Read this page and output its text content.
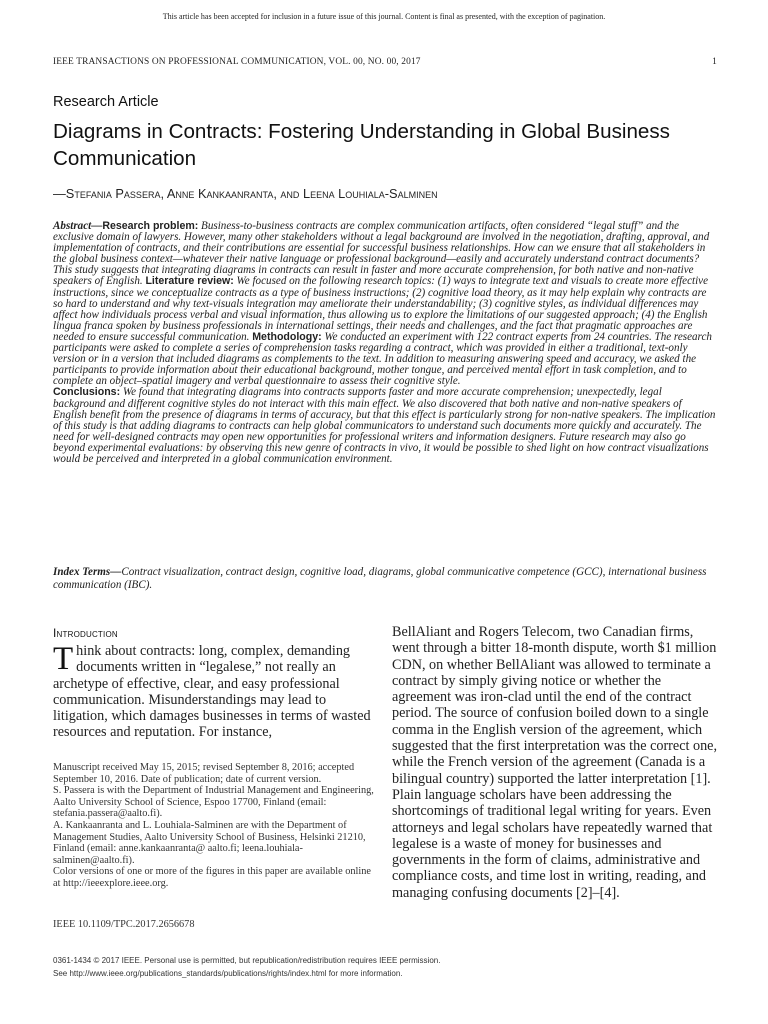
This article has been accepted for inclusion in a future issue of this journal. Content is final as presented, with the exception of pagination.
IEEE TRANSACTIONS ON PROFESSIONAL COMMUNICATION, VOL. 00, NO. 00, 2017	1
Research Article
Diagrams in Contracts: Fostering Understanding in Global Business Communication
—Stefania Passera, Anne Kankaanranta, and Leena Louhiala-Salminen
Abstract—Research problem: Business-to-business contracts are complex communication artifacts, often considered “legal stuff” and the exclusive domain of lawyers. However, many other stakeholders without a legal background are involved in the negotiation, drafting, approval, and implementation of contracts, and their contributions are essential for successful business relationships. How can we ensure that all stakeholders in the global business context—whatever their native language or professional background—easily and accurately understand contract documents? This study suggests that integrating diagrams in contracts can result in faster and more accurate comprehension, for both native and non-native speakers of English. Literature review: We focused on the following research topics: (1) ways to integrate text and visuals to create more effective instructions, since we conceptualize contracts as a type of business instructions; (2) cognitive load theory, as it may help explain why contracts are so hard to understand and why text-visuals integration may ameliorate their understandability; (3) cognitive styles, as individual differences may affect how individuals process verbal and visual information, thus allowing us to explore the limitations of our suggested approach; (4) the English lingua franca spoken by business professionals in international settings, their needs and challenges, and the fact that pragmatic approaches are needed to ensure successful communication. Methodology: We conducted an experiment with 122 contract experts from 24 countries. The research participants were asked to complete a series of comprehension tasks regarding a contract, which was provided in either a traditional, text-only version or in a version that included diagrams as complements to the text. In addition to measuring answering speed and accuracy, we asked the participants to provide information about their educational background, mother tongue, and perceived mental effort in task completion, and to complete an object–spatial imagery and verbal questionnaire to assess their cognitive style.
Conclusions: We found that integrating diagrams into contracts supports faster and more accurate comprehension; unexpectedly, legal background and different cognitive styles do not interact with this main effect. We also discovered that both native and non-native speakers of English benefit from the presence of diagrams in terms of accuracy, but that this effect is particularly strong for non-native speakers. The implication of this study is that adding diagrams to contracts can help global communicators to understand such documents more quickly and accurately. The need for well-designed contracts may open new opportunities for professional writers and information designers. Future research may also go beyond experimental evaluations: by observing this new genre of contracts in vivo, it would be possible to shed light on how contract visualizations would be perceived and interpreted in a global communication environment.
Index Terms—Contract visualization, contract design, cognitive load, diagrams, global communicative competence (GCC), international business communication (IBC).
Introduction
Think about contracts: long, complex, demanding documents written in “legalese,” not really an archetype of effective, clear, and easy professional communication. Misunderstandings may lead to litigation, which damages businesses in terms of wasted resources and reputation. For instance,
Manuscript received May 15, 2015; revised September 8, 2016; accepted September 10, 2016. Date of publication; date of current version.
S. Passera is with the Department of Industrial Management and Engineering, Aalto University School of Science, Espoo 17700, Finland (email: stefania.passera@aalto.fi).
A. Kankaanranta and L. Louhiala-Salminen are with the Department of Management Studies, Aalto University School of Business, Helsinki 21210, Finland (email: anne.kankaanranta@ aalto.fi; leena.louhiala-salminen@aalto.fi).
Color versions of one or more of the figures in this paper are available online at http://ieeexplore.ieee.org.
IEEE 10.1109/TPC.2017.2656678
BellAliant and Rogers Telecom, two Canadian firms, went through a bitter 18-month dispute, worth $1 million CDN, on whether BellAliant was allowed to terminate a contract by simply giving notice or whether the agreement was iron-clad until the end of the contract period. The source of confusion boiled down to a single comma in the English version of the agreement, which suggested that the first interpretation was the correct one, while the French version of the agreement (Canada is a bilingual country) supported the latter interpretation [1]. Plain language scholars have been addressing the shortcomings of traditional legal writing for years. Even attorneys and legal scholars have repeatedly warned that legalese is a waste of money for businesses and governments in the form of claims, administrative and compliance costs, and time lost in writing, reading, and managing confusing documents [2]–[4].
0361-1434 © 2017 IEEE. Personal use is permitted, but republication/redistribution requires IEEE permission.
See http://www.ieee.org/publications_standards/publications/rights/index.html for more information.
